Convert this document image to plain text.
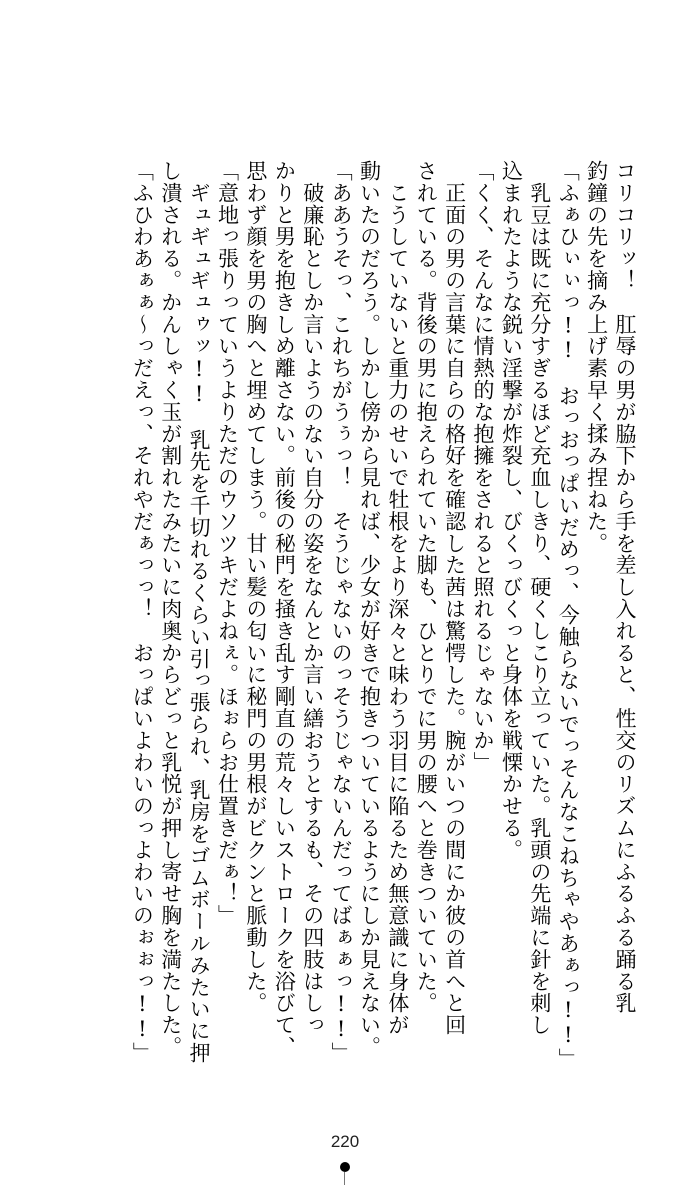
コリコリッ！　肛辱の男が脇下から手を差し入れると、性交のリズムにふるふる踊る乳
釣鐘の先を摘み上げ素早く揉み捏ねた。
「ふぁひぃぃっ!!　おっおっぱいだめっ、今触らないでっそんなこねちゃやあぁっ!!」
　乳豆は既に充分すぎるほど充血しきり、硬くしこり立っていた。乳頭の先端に針を刺し
込まれたような鋭い淫撃が炸裂し、びくっびくっと身体を戦慄かせる。
「くく、そんなに情熱的な抱擁をされると照れるじゃないか」
　正面の男の言葉に自らの格好を確認した茜は驚愕した。腕がいつの間にか彼の首へと回
されている。背後の男に抱えられていた脚も、ひとりでに男の腰へと巻きついていた。
　こうしていないと重力のせいで牡根をより深々と味わう羽目に陥るため無意識に身体が
動いたのだろう。しかし傍から見れば、少女が好きで抱きついているようにしか見えない。
「ああうそっ、これちがうぅっ！　そうじゃないのっそうじゃないんだってばぁぁっ!!」
　破廉恥としか言いようのない自分の姿をなんとか言い繕おうとするも、その四肢はしっ
かりと男を抱きしめ離さない。前後の秘門を掻き乱す剛直の荒々しいストロークを浴びて、
思わず顔を男の胸へと埋めてしまう。甘い髪の匂いに秘門の男根がビクンと脈動した。
「意地っ張りっていうよりただのウソツキだよねぇ。ほぉらお仕置きだぁ！」
　ギュギュギュゥッ!!　乳先を千切れるくらい引っ張られ、乳房をゴムボールみたいに押
し潰される。かんしゃく玉が割れたみたいに肉奥からどっと乳悦が押し寄せ胸を満たした。
「ふひわあぁぁ～っだえっ、それやだぁっっ！　おっぱいよわいのっよわいのぉぉっ!!」
220
